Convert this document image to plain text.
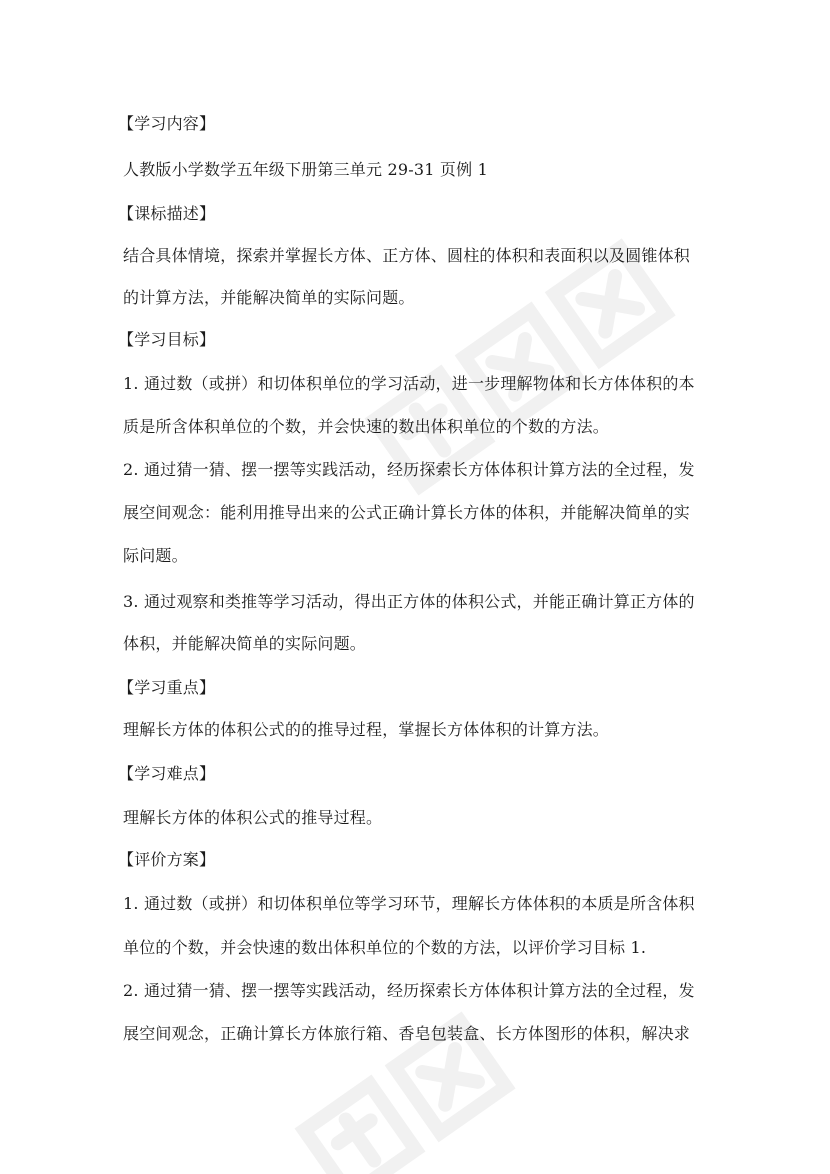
【学习内容】
人教版小学数学五年级下册第三单元 29-31 页例 1
【课标描述】
结合具体情境，探索并掌握长方体、正方体、圆柱的体积和表面积以及圆锥体积
的计算方法，并能解决简单的实际问题。
【学习目标】
1. 通过数（或拼）和切体积单位的学习活动，进一步理解物体和长方体体积的本
质是所含体积单位的个数，并会快速的数出体积单位的个数的方法。
2. 通过猜一猜、摆一摆等实践活动，经历探索长方体体积计算方法的全过程，发
展空间观念：能利用推导出来的公式正确计算长方体的体积，并能解决简单的实
际问题。
3. 通过观察和类推等学习活动，得出正方体的体积公式，并能正确计算正方体的
体积，并能解决简单的实际问题。
【学习重点】
理解长方体的体积公式的的推导过程，掌握长方体体积的计算方法。
【学习难点】
理解长方体的体积公式的推导过程。
【评价方案】
1. 通过数（或拼）和切体积单位等学习环节，理解长方体体积的本质是所含体积
单位的个数，并会快速的数出体积单位的个数的方法，以评价学习目标 1.
2. 通过猜一猜、摆一摆等实践活动，经历探索长方体体积计算方法的全过程，发
展空间观念，正确计算长方体旅行箱、香皂包装盒、长方体图形的体积，解决求
